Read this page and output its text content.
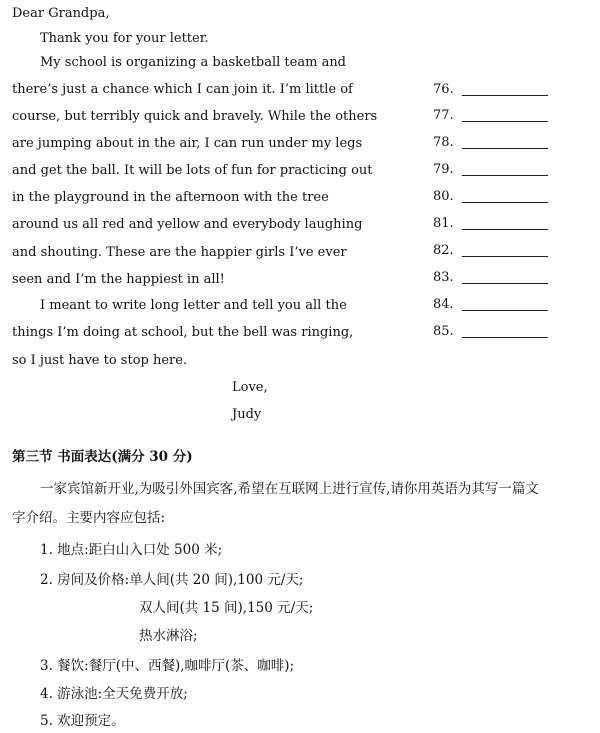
Dear Grandpa,
Thank you for your letter.
My school is organizing a basketball team and
there’s just a chance which I can join it. I’m little of
course, but terribly quick and bravely. While the others
are jumping about in the air, I can run under my legs
and get the ball. It will be lots of fun for practicing out
in the playground in the afternoon with the tree
around us all red and yellow and everybody laughing
and shouting. These are the happier girls I’ve ever
seen and I’m the happiest in all!
I meant to write long letter and tell you all the
things I’m doing at school, but the bell was ringing,
so I just have to stop here.
Love,
Judy
76.
77.
78.
79.
80.
81.
82.
83.
84.
85.
第三节 书面表达(满分 30 分)
一家宾馆新开业,为吸引外国宾客,希望在互联网上进行宣传,请你用英语为其写一篇文
字介绍。主要内容应包括:
1. 地点:距白山入口处 500 米;
2. 房间及价格:单人间(共 20 间),100 元/天;
双人间(共 15 间),150 元/天;
热水淋浴;
3. 餐饮:餐厅(中、西餐),咖啡厅(茶、咖啡);
4. 游泳池:全天免费开放;
5. 欢迎预定。
